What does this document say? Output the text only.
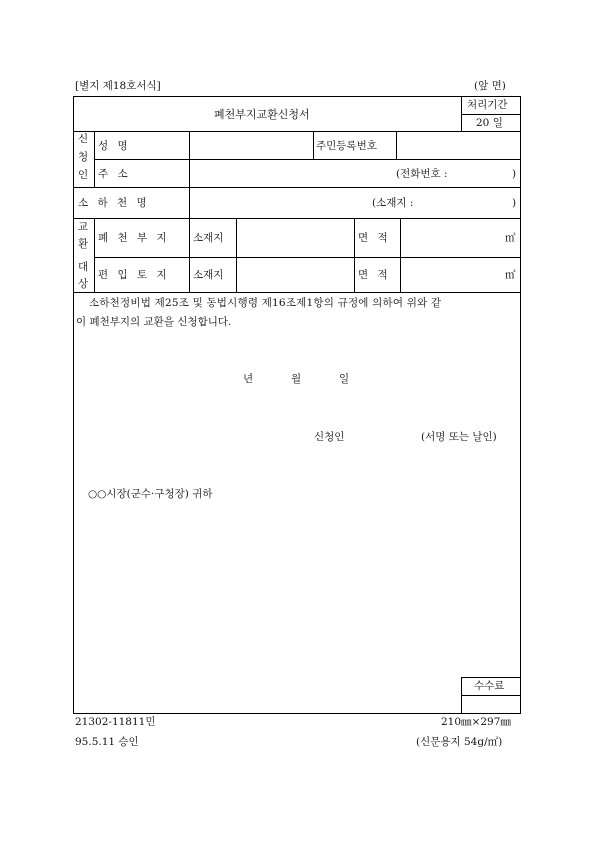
[별지 제18호서식]	(앞 면)
폐천부지교환신청서
처리기간
20 일
신
청
인
성 명	주민등록번호
주 소	(전화번호 :	)
소 하 천 명	(소재지 :	)
교
환
대
상
폐 천 부 지 소재지	면 적	㎡
편 입 토 지 소재지	면 적	㎡
소하천정비법 제25조 및 동법시행령 제16조제1항의 규정에 의하여 위와 같
이 폐천부지의 교환을 신청합니다.
년	월	일
신청인	(서명 또는 날인)
○○시장(군수·구청장) 귀하
수수료
21302-11811민	210㎜×297㎜
95.5.11 승인	(신문용지 54g/㎡)
